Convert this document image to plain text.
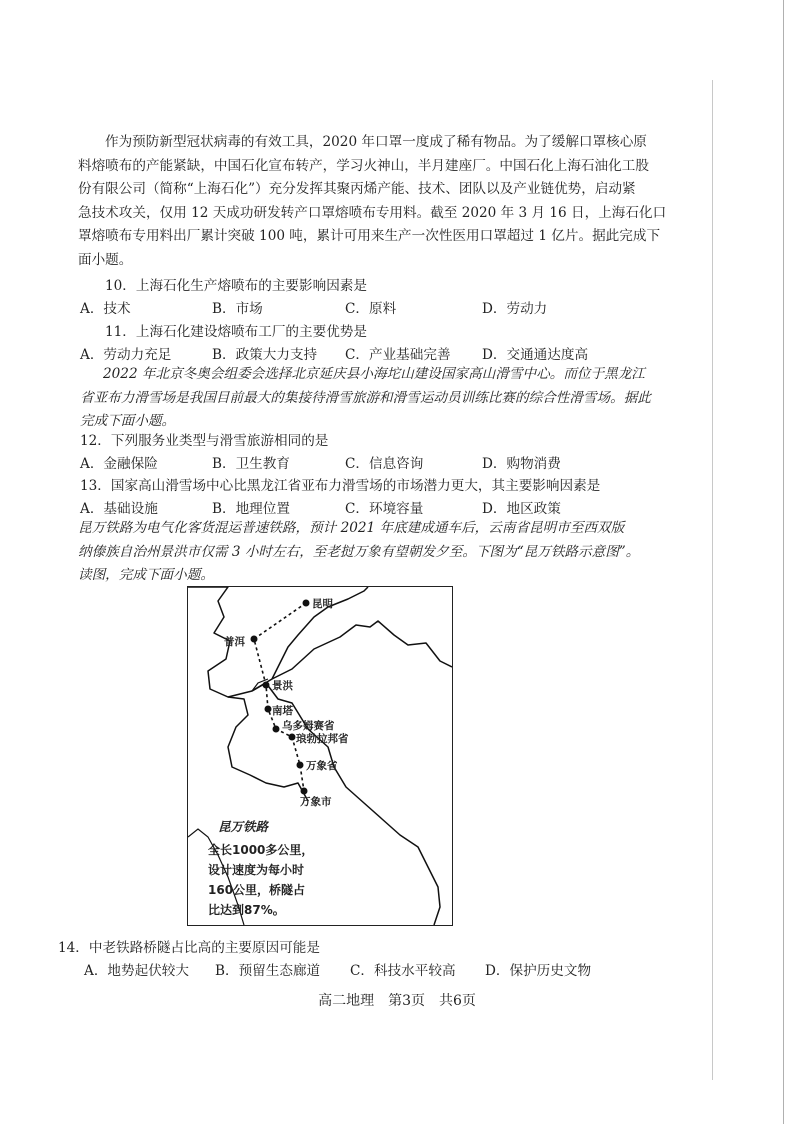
作为预防新型冠状病毒的有效工具，2020 年口罩一度成了稀有物品。为了缓解口罩核心原
料熔喷布的产能紧缺，中国石化宣布转产，学习火神山，半月建座厂。中国石化上海石油化工股
份有限公司（简称“上海石化”）充分发挥其聚丙烯产能、技术、团队以及产业链优势，启动紧
急技术攻关，仅用 12 天成功研发转产口罩熔喷布专用料。截至 2020 年 3 月 16 日，上海石化口
罩熔喷布专用料出厂累计突破 100 吨，累计可用来生产一次性医用口罩超过 1 亿片。据此完成下
面小题。
10．上海石化生产熔喷布的主要影响因素是
A．技术	B．市场	C．原料	D．劳动力
11．上海石化建设熔喷布工厂的主要优势是
A．劳动力充足	B．政策大力支持 C．产业基础完善 D．交通通达度高
2022 年北京冬奥会组委会选择北京延庆县小海坨山建设国家高山滑雪中心。而位于黑龙江
省亚布力滑雪场是我国目前最大的集接待滑雪旅游和滑雪运动员训练比赛的综合性滑雪场。据此
完成下面小题。
12．下列服务业类型与滑雪旅游相同的是
A．金融保险	B．卫生教育	C．信息咨询	D．购物消费
13．国家高山滑雪场中心比黑龙江省亚布力滑雪场的市场潜力更大，其主要影响因素是
A．基础设施	B．地理位置	C．环境容量	D．地区政策
昆万铁路为电气化客货混运普速铁路，预计 2021 年底建成通车后，云南省昆明市至西双版
纳傣族自治州景洪市仅需 3 小时左右，至老挝万象有望朝发夕至。下图为“昆万铁路示意图”。
读图，完成下面小题。
昆明
普洱
景洪
南塔
乌多姆赛省
琅勃拉邦省
万象省
万象市
昆万铁路
全长1000多公里，
设计速度为每小时
160公里，桥隧占
比达到87%。
14．中老铁路桥隧占比高的主要原因可能是
A．地势起伏较大 B．预留生态廊道 C．科技水平较高 D．保护历史文物
高二地理　第3页　共6页
